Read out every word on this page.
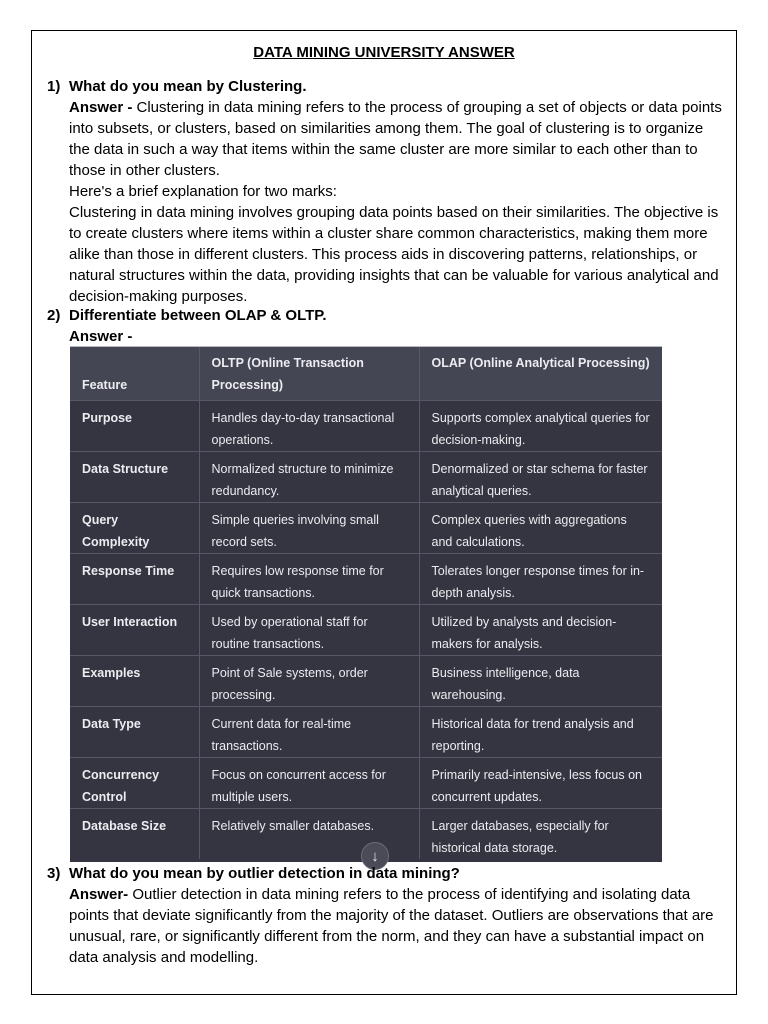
DATA MINING UNIVERSITY ANSWER
1) What do you mean by Clustering.

Answer - Clustering in data mining refers to the process of grouping a set of objects or data points into subsets, or clusters, based on similarities among them. The goal of clustering is to organize the data in such a way that items within the same cluster are more similar to each other than to those in other clusters.

Here's a brief explanation for two marks:

Clustering in data mining involves grouping data points based on their similarities. The objective is to create clusters where items within a cluster share common characteristics, making them more alike than those in different clusters. This process aids in discovering patterns, relationships, or natural structures within the data, providing insights that can be valuable for various analytical and decision-making purposes.

2) Differentiate between OLAP & OLTP.

Answer -

Feature	OLTP (Online Transaction Processing)	OLAP (Online Analytical Processing)
Purpose	Handles day-to-day transactional operations.	Supports complex analytical queries for decision-making.
Data Structure	Normalized structure to minimize redundancy.	Denormalized or star schema for faster analytical queries.
Query Complexity	Simple queries involving small record sets.	Complex queries with aggregations and calculations.
Response Time	Requires low response time for quick transactions.	Tolerates longer response times for in-depth analysis.
User Interaction	Used by operational staff for routine transactions.	Utilized by analysts and decision-makers for analysis.
Examples	Point of Sale systems, order processing.	Business intelligence, data warehousing.
Data Type	Current data for real-time transactions.	Historical data for trend analysis and reporting.
Concurrency Control	Focus on concurrent access for multiple users.	Primarily read-intensive, less focus on concurrent updates.
Database Size	Relatively smaller databases.	Larger databases, especially for historical data storage.
↓
3) What do you mean by outlier detection in data mining?

Answer- Outlier detection in data mining refers to the process of identifying and isolating data points that deviate significantly from the majority of the dataset. Outliers are observations that are unusual, rare, or significantly different from the norm, and they can have a substantial impact on data analysis and modelling.
